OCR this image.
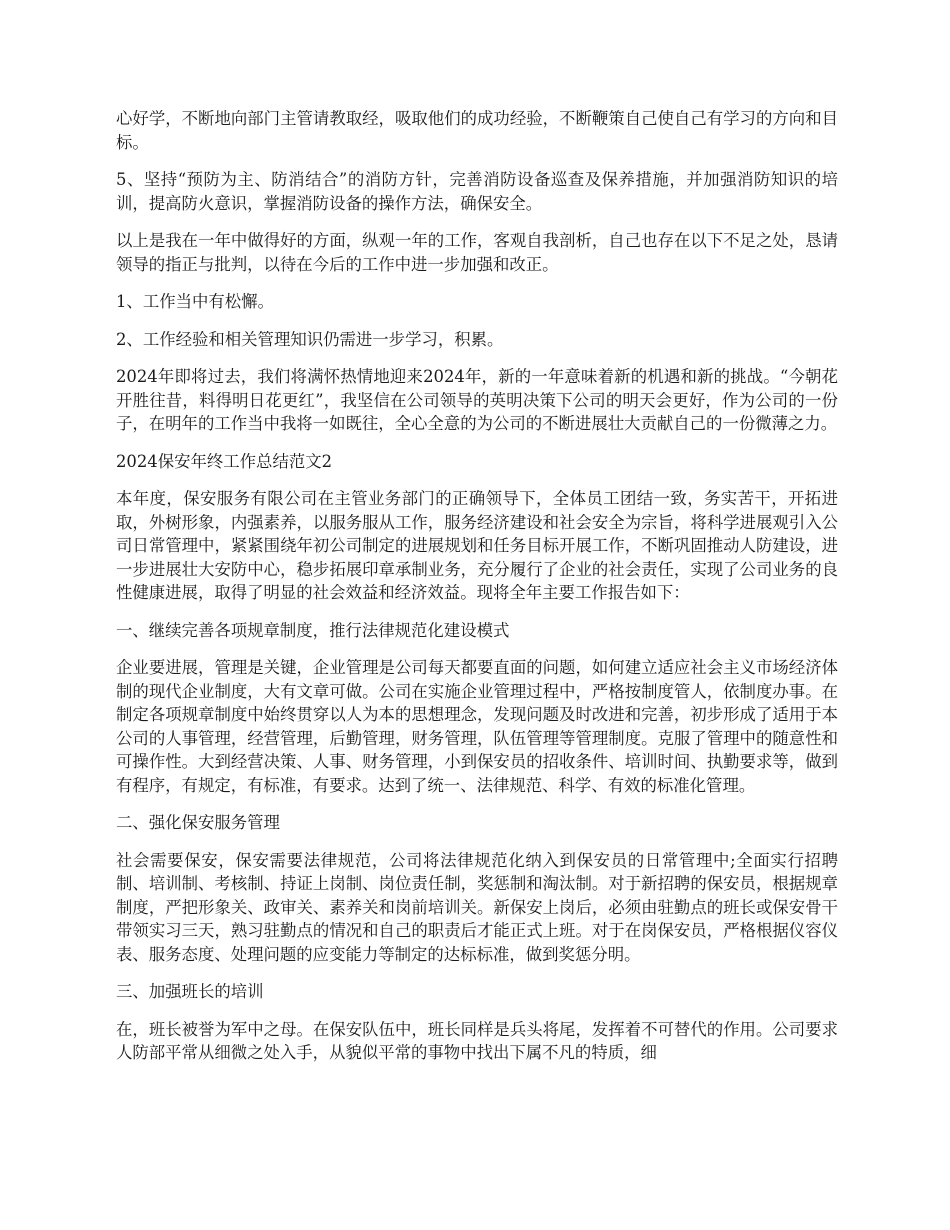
心好学，不断地向部门主管请教取经，吸取他们的成功经验，不断鞭策自己使自己有学习的方向和目标。

5、坚持“预防为主、防消结合”的消防方针，完善消防设备巡查及保养措施，并加强消防知识的培训，提高防火意识，掌握消防设备的操作方法，确保安全。

以上是我在一年中做得好的方面，纵观一年的工作，客观自我剖析，自己也存在以下不足之处，恳请领导的指正与批判，以待在今后的工作中进一步加强和改正。

1、工作当中有松懈。

2、工作经验和相关管理知识仍需进一步学习，积累。

2024年即将过去，我们将满怀热情地迎来2024年，新的一年意味着新的机遇和新的挑战。“今朝花开胜往昔，料得明日花更红”，我坚信在公司领导的英明决策下公司的明天会更好，作为公司的一份子，在明年的工作当中我将一如既往，全心全意的为公司的不断进展壮大贡献自己的一份微薄之力。

2024保安年终工作总结范文2

本年度，保安服务有限公司在主管业务部门的正确领导下，全体员工团结一致，务实苦干，开拓进取，外树形象，内强素养，以服务服从工作，服务经济建设和社会安全为宗旨，将科学进展观引入公司日常管理中，紧紧围绕年初公司制定的进展规划和任务目标开展工作，不断巩固推动人防建设，进一步进展壮大安防中心，稳步拓展印章承制业务，充分履行了企业的社会责任，实现了公司业务的良性健康进展，取得了明显的社会效益和经济效益。现将全年主要工作报告如下：

一、继续完善各项规章制度，推行法律规范化建设模式

企业要进展，管理是关键，企业管理是公司每天都要直面的问题，如何建立适应社会主义市场经济体制的现代企业制度，大有文章可做。公司在实施企业管理过程中，严格按制度管人，依制度办事。在制定各项规章制度中始终贯穿以人为本的思想理念，发现问题及时改进和完善，初步形成了适用于本公司的人事管理，经营管理，后勤管理，财务管理，队伍管理等管理制度。克服了管理中的随意性和可操作性。大到经营决策、人事、财务管理，小到保安员的招收条件、培训时间、执勤要求等，做到有程序，有规定，有标准，有要求。达到了统一、法律规范、科学、有效的标准化管理。

二、强化保安服务管理

社会需要保安，保安需要法律规范，公司将法律规范化纳入到保安员的日常管理中;全面实行招聘制、培训制、考核制、持证上岗制、岗位责任制，奖惩制和淘汰制。对于新招聘的保安员，根据规章制度，严把形象关、政审关、素养关和岗前培训关。新保安上岗后，必须由驻勤点的班长或保安骨干带领实习三天，熟习驻勤点的情况和自己的职责后才能正式上班。对于在岗保安员，严格根据仪容仪表、服务态度、处理问题的应变能力等制定的达标标准，做到奖惩分明。

三、加强班长的培训

在，班长被誉为军中之母。在保安队伍中，班长同样是兵头将尾，发挥着不可替代的作用。公司要求人防部平常从细微之处入手，从貌似平常的事物中找出下属不凡的特质，细
